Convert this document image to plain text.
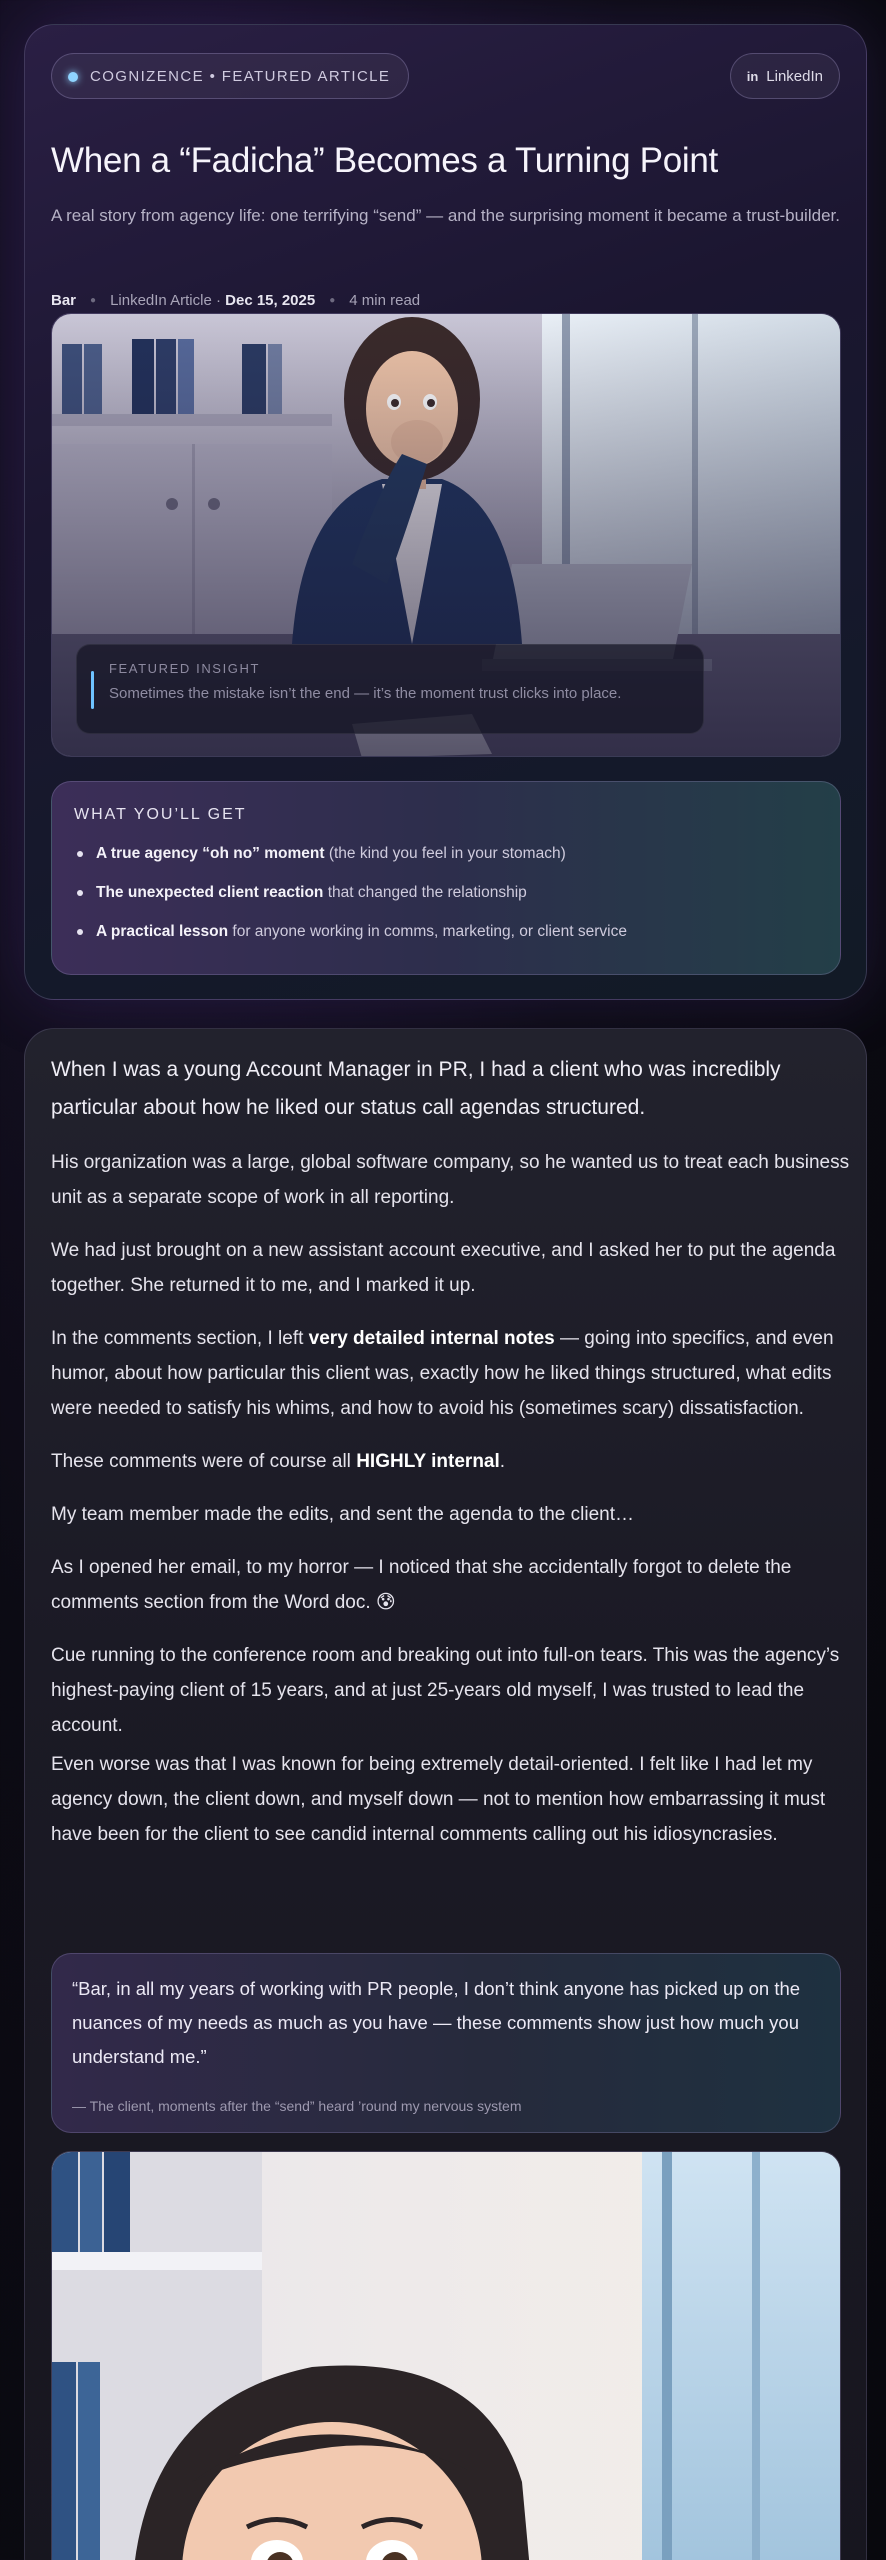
COGNIZENCE • FEATURED ARTICLE	in LinkedIn
When a “Fadicha” Becomes a Turning Point

A real story from agency life: one terrifying “send” — and the surprising moment it became a trust-builder.

Bar ● LinkedIn Article · Dec 15, 2025 ● 4 min read
FEATURED INSIGHT
Sometimes the mistake isn’t the end — it’s the moment trust clicks into place.
WHAT YOU’LL GET
A true agency “oh no” moment (the kind you feel in your stomach)
The unexpected client reaction that changed the relationship
A practical lesson for anyone working in comms, marketing, or client service

When I was a young Account Manager in PR, I had a client who was incredibly particular about how he liked our status call agendas structured.

His organization was a large, global software company, so he wanted us to treat each business unit as a separate scope of work in all reporting.

We had just brought on a new assistant account executive, and I asked her to put the agenda together. She returned it to me, and I marked it up.

In the comments section, I left very detailed internal notes — going into specifics, and even humor, about how particular this client was, exactly how he liked things structured, what edits were needed to satisfy his whims, and how to avoid his (sometimes scary) dissatisfaction.

These comments were of course all HIGHLY internal.

My team member made the edits, and sent the agenda to the client…

As I opened her email, to my horror — I noticed that she accidentally forgot to delete the comments section from the Word doc. 😰

Cue running to the conference room and breaking out into full-on tears. This was the agency’s highest-paying client of 15 years, and at just 25-years old myself, I was trusted to lead the account.

Even worse was that I was known for being extremely detail-oriented. I felt like I had let my agency down, the client down, and myself down — not to mention how embarrassing it must have been for the client to see candid internal comments calling out his idiosyncrasies.

“Bar, in all my years of working with PR people, I don’t think anyone has picked up on the nuances of my needs as much as you have — these comments show just how much you understand me.”
— The client, moments after the “send” heard ’round my nervous system
